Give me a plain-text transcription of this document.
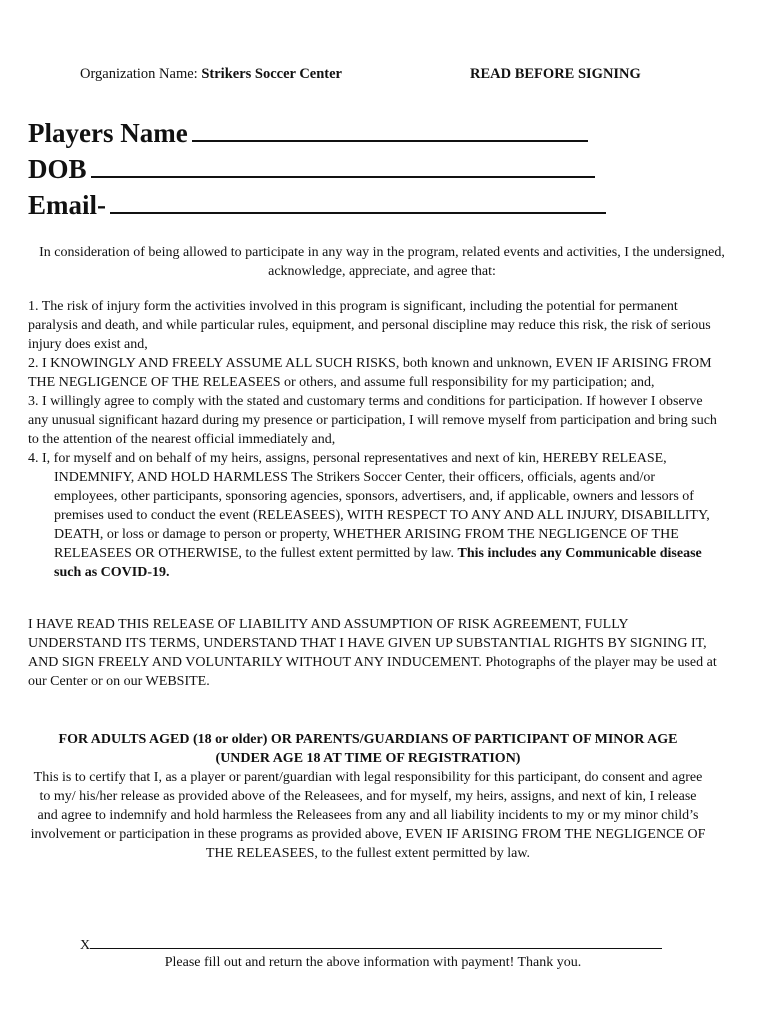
Organization Name: Strikers Soccer Center	READ BEFORE SIGNING
Players Name
DOB
Email-
In consideration of being allowed to participate in any way in the program, related events and activities, I the undersigned, acknowledge, appreciate, and agree that:

1. The risk of injury form the activities involved in this program is significant, including the potential for permanent paralysis and death, and while particular rules, equipment, and personal discipline may reduce this risk, the risk of serious injury does exist and,

2. I KNOWINGLY AND FREELY ASSUME ALL SUCH RISKS, both known and unknown, EVEN IF ARISING FROM THE NEGLIGENCE OF THE RELEASEES or others, and assume full responsibility for my participation; and,

3. I willingly agree to comply with the stated and customary terms and conditions for participation. If however I observe any unusual significant hazard during my presence or participation, I will remove myself from participation and bring such to the attention of the nearest official immediately and,

4. I, for myself and on behalf of my heirs, assigns, personal representatives and next of kin, HEREBY RELEASE, INDEMNIFY, AND HOLD HARMLESS The Strikers Soccer Center, their officers, officials, agents and/or employees, other participants, sponsoring agencies, sponsors, advertisers, and, if applicable, owners and lessors of premises used to conduct the event (RELEASEES), WITH RESPECT TO ANY AND ALL INJURY, DISABILLITY, DEATH, or loss or damage to person or property, WHETHER ARISING FROM THE NEGLIGENCE OF THE RELEASEES OR OTHERWISE, to the fullest extent permitted by law. This includes any Communicable disease such as COVID-19.

I HAVE READ THIS RELEASE OF LIABILITY AND ASSUMPTION OF RISK AGREEMENT, FULLY UNDERSTAND ITS TERMS, UNDERSTAND THAT I HAVE GIVEN UP SUBSTANTIAL RIGHTS BY SIGNING IT, AND SIGN FREELY AND VOLUNTARILY WITHOUT ANY INDUCEMENT. Photographs of the player may be used at our Center or on our WEBSITE.
FOR ADULTS AGED (18 or older) OR PARENTS/GUARDIANS OF PARTICIPANT OF MINOR AGE
(UNDER AGE 18 AT TIME OF REGISTRATION)
This is to certify that I, as a player or parent/guardian with legal responsibility for this participant, do consent and agree to my/ his/her release as provided above of the Releasees, and for myself, my heirs, assigns, and next of kin, I release and agree to indemnify and hold harmless the Releasees from any and all liability incidents to my or my minor child’s involvement or participation in these programs as provided above, EVEN IF ARISING FROM THE NEGLIGENCE OF THE RELEASEES, to the fullest extent permitted by law.
X
Please fill out and return the above information with payment! Thank you.
